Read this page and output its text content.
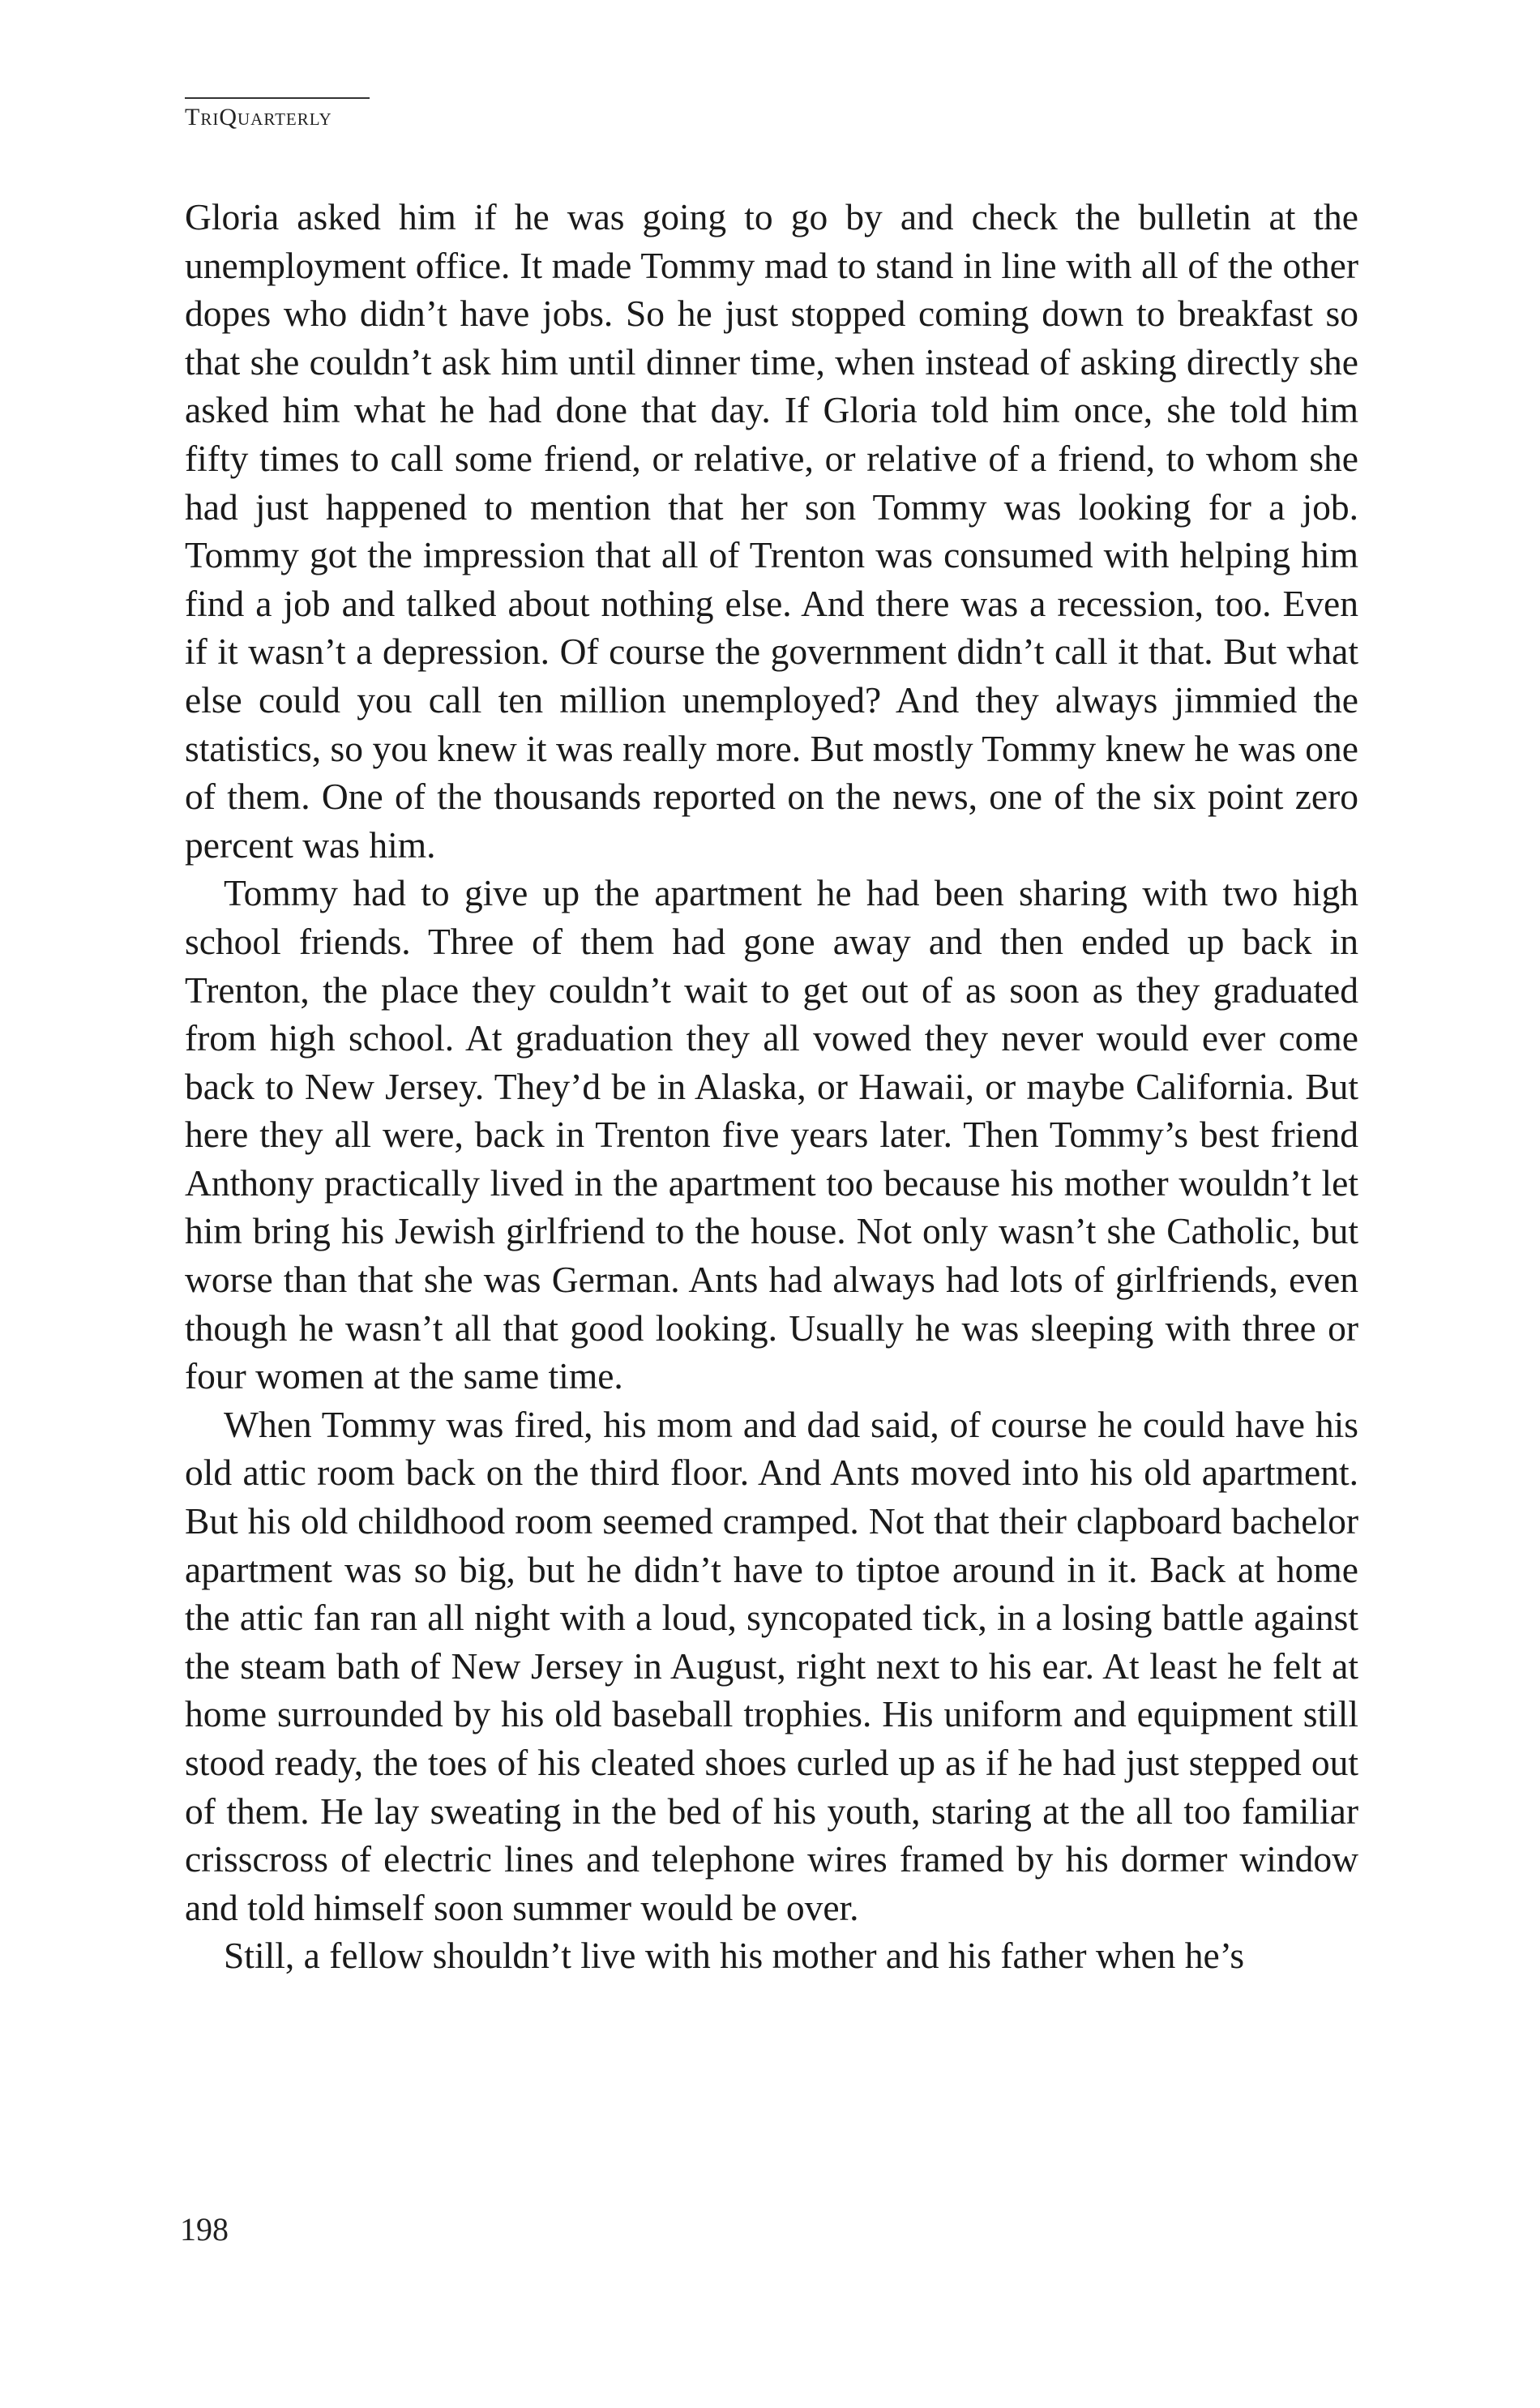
TriQuarterly

Gloria asked him if he was going to go by and check the bulletin at the unemployment office. It made Tommy mad to stand in line with all of the other dopes who didn’t have jobs. So he just stopped coming down to breakfast so that she couldn’t ask him until dinner time, when instead of asking directly she asked him what he had done that day. If Gloria told him once, she told him fifty times to call some friend, or relative, or relative of a friend, to whom she had just happened to mention that her son Tommy was looking for a job. Tommy got the impression that all of Trenton was consumed with helping him find a job and talked about nothing else. And there was a recession, too. Even if it wasn’t a depression. Of course the government didn’t call it that. But what else could you call ten million unemployed? And they always jimmied the statistics, so you knew it was really more. But mostly Tommy knew he was one of them. One of the thousands reported on the news, one of the six point zero percent was him.

Tommy had to give up the apartment he had been sharing with two high school friends. Three of them had gone away and then ended up back in Trenton, the place they couldn’t wait to get out of as soon as they graduated from high school. At graduation they all vowed they never would ever come back to New Jersey. They’d be in Alaska, or Hawaii, or maybe California. But here they all were, back in Trenton five years later. Then Tommy’s best friend Anthony practically lived in the apartment too because his mother wouldn’t let him bring his Jewish girlfriend to the house. Not only wasn’t she Catholic, but worse than that she was German. Ants had always had lots of girlfriends, even though he wasn’t all that good looking. Usually he was sleeping with three or four women at the same time.

When Tommy was fired, his mom and dad said, of course he could have his old attic room back on the third floor. And Ants moved into his old apartment. But his old childhood room seemed cramped. Not that their clapboard bachelor apartment was so big, but he didn’t have to tiptoe around in it. Back at home the attic fan ran all night with a loud, syncopated tick, in a losing battle against the steam bath of New Jersey in August, right next to his ear. At least he felt at home surrounded by his old baseball trophies. His uniform and equipment still stood ready, the toes of his cleated shoes curled up as if he had just stepped out of them. He lay sweating in the bed of his youth, staring at the all too familiar crisscross of electric lines and telephone wires framed by his dormer window and told himself soon summer would be over.

Still, a fellow shouldn’t live with his mother and his father when he’s

198
